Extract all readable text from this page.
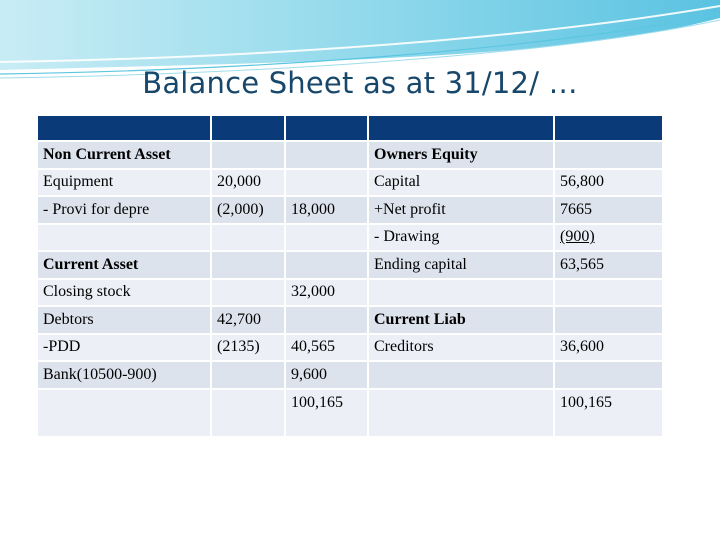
Balance Sheet as at 31/12/ …

Non Current Asset			Owners Equity	
Equipment	20,000		Capital	56,800
- Provi for depre	(2,000)	18,000	+Net profit	7665
			- Drawing	(900)
Current Asset			Ending capital	63,565
Closing stock		32,000		
Debtors	42,700		Current Liab	
-PDD	(2135)	40,565	Creditors	36,600
Bank(10500-900)		9,600		
		100,165		100,165
